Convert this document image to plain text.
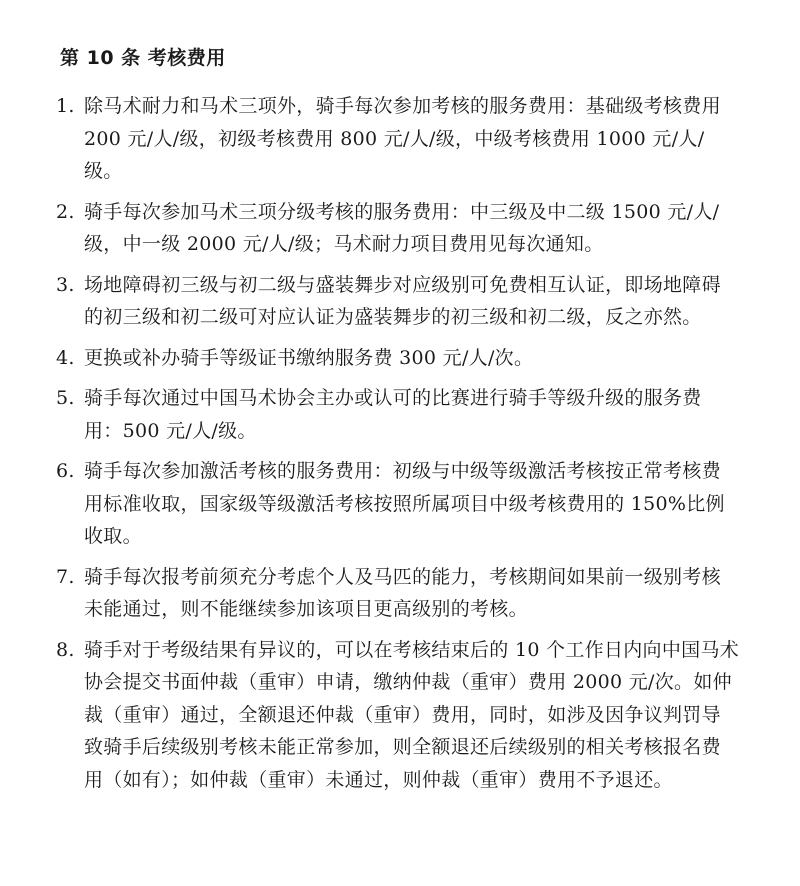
第 10 条 考核费用
1. 除马术耐力和马术三项外，骑手每次参加考核的服务费用：基础级考核费用 200 元/人/级，初级考核费用 800 元/人/级，中级考核费用 1000 元/人/级。
2. 骑手每次参加马术三项分级考核的服务费用：中三级及中二级 1500 元/人/级，中一级 2000 元/人/级；马术耐力项目费用见每次通知。
3. 场地障碍初三级与初二级与盛装舞步对应级别可免费相互认证，即场地障碍的初三级和初二级可对应认证为盛装舞步的初三级和初二级，反之亦然。
4. 更换或补办骑手等级证书缴纳服务费 300 元/人/次。
5. 骑手每次通过中国马术协会主办或认可的比赛进行骑手等级升级的服务费用：500 元/人/级。
6. 骑手每次参加激活考核的服务费用：初级与中级等级激活考核按正常考核费用标准收取，国家级等级激活考核按照所属项目中级考核费用的 150%比例收取。
7. 骑手每次报考前须充分考虑个人及马匹的能力，考核期间如果前一级别考核未能通过，则不能继续参加该项目更高级别的考核。
8. 骑手对于考级结果有异议的，可以在考核结束后的 10 个工作日内向中国马术协会提交书面仲裁（重审）申请，缴纳仲裁（重审）费用 2000 元/次。如仲裁（重审）通过，全额退还仲裁（重审）费用，同时，如涉及因争议判罚导致骑手后续级别考核未能正常参加，则全额退还后续级别的相关考核报名费用（如有）；如仲裁（重审）未通过，则仲裁（重审）费用不予退还。
